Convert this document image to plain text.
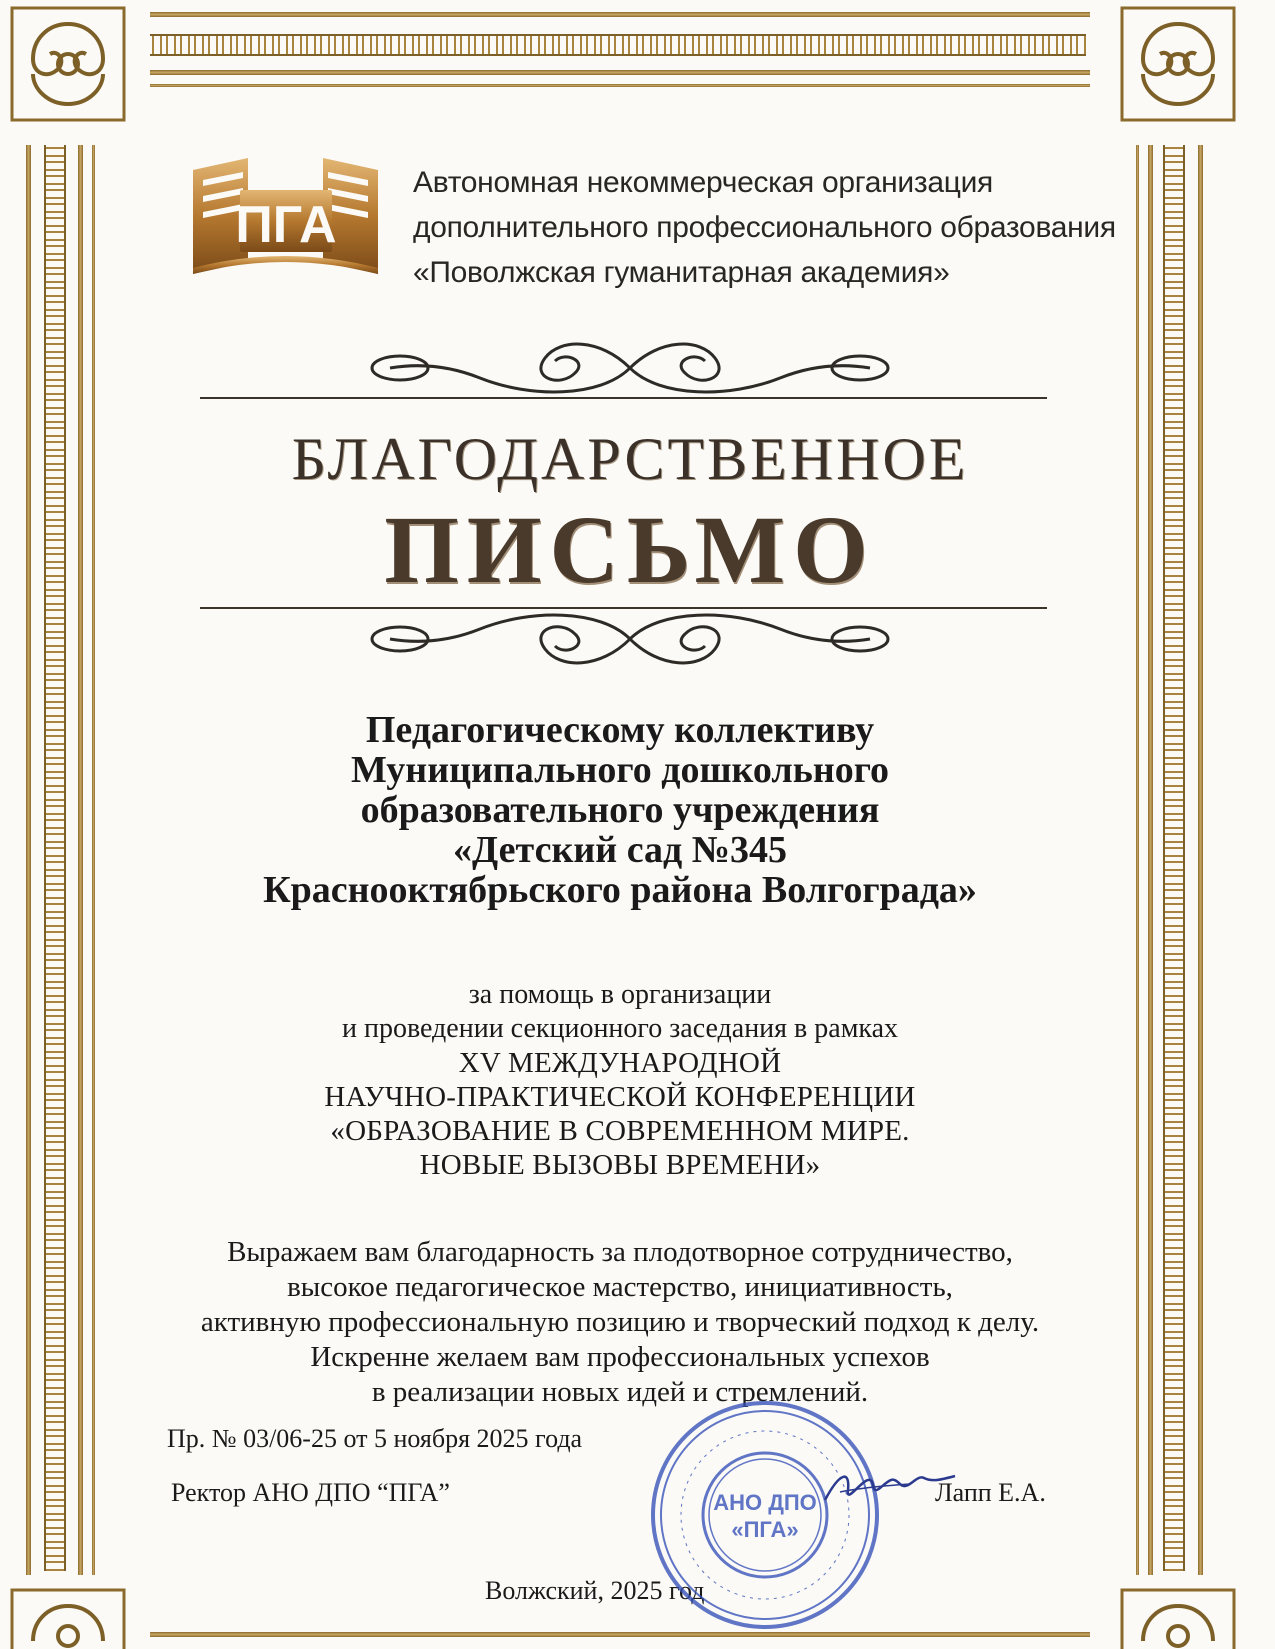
ПГА
Автономная некоммерческая организация
дополнительного профессионального образования
«Поволжская гуманитарная академия»
БЛАГОДАРСТВЕННОЕ
ПИСЬМО
Педагогическому коллективу
Муниципального дошкольного
образовательного учреждения
«Детский сад №345
Краснооктябрьского района Волгограда»
за помощь в организации
и проведении секционного заседания в рамках
XV МЕЖДУНАРОДНОЙ
НАУЧНО-ПРАКТИЧЕСКОЙ КОНФЕРЕНЦИИ
«ОБРАЗОВАНИЕ В СОВРЕМЕННОМ МИРЕ.
НОВЫЕ ВЫЗОВЫ ВРЕМЕНИ»
Выражаем вам благодарность за плодотворное сотрудничество,
высокое педагогическое мастерство, инициативность,
активную профессиональную позицию и творческий подход к делу.
Искренне желаем вам профессиональных успехов
в реализации новых идей и стремлений.
Пр. № 03/06-25 от 5 ноября 2025 года
Ректор АНО ДПО “ПГА”	Лапп Е.А.
Волжский, 2025 год
АНО ДПО
«ПГА»
